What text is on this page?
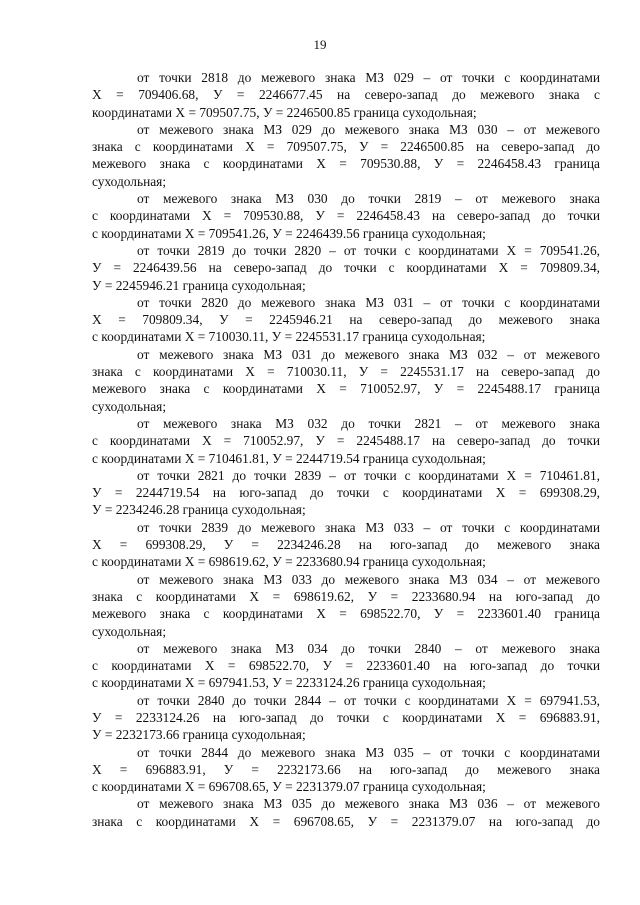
19
от точки 2818 до межевого знака МЗ 029 – от точки с координатами
Х = 709406.68, У = 2246677.45 на северо-запад до межевого знака с
координатами Х = 709507.75, У = 2246500.85 граница суходольная;
от межевого знака МЗ 029 до межевого знака МЗ 030 – от межевого
знака с координатами Х = 709507.75, У = 2246500.85 на северо-запад до
межевого знака с координатами Х = 709530.88, У = 2246458.43 граница
суходольная;
от межевого знака МЗ 030 до точки 2819 – от межевого знака
с координатами Х = 709530.88, У = 2246458.43 на северо-запад до точки
с координатами Х = 709541.26, У = 2246439.56 граница суходольная;
от точки 2819 до точки 2820 – от точки с координатами Х = 709541.26,
У = 2246439.56 на северо-запад до точки с координатами Х = 709809.34,
У = 2245946.21 граница суходольная;
от точки 2820 до межевого знака МЗ 031 – от точки с координатами
Х = 709809.34, У = 2245946.21 на северо-запад до межевого знака
с координатами Х = 710030.11, У = 2245531.17 граница суходольная;
от межевого знака МЗ 031 до межевого знака МЗ 032 – от межевого
знака с координатами Х = 710030.11, У = 2245531.17 на северо-запад до
межевого знака с координатами Х = 710052.97, У = 2245488.17 граница
суходольная;
от межевого знака МЗ 032 до точки 2821 – от межевого знака
с координатами Х = 710052.97, У = 2245488.17 на северо-запад до точки
с координатами Х = 710461.81, У = 2244719.54 граница суходольная;
от точки 2821 до точки 2839 – от точки с координатами Х = 710461.81,
У = 2244719.54 на юго-запад до точки с координатами Х = 699308.29,
У = 2234246.28 граница суходольная;
от точки 2839 до межевого знака МЗ 033 – от точки с координатами
Х = 699308.29, У = 2234246.28 на юго-запад до межевого знака
с координатами Х = 698619.62, У = 2233680.94 граница суходольная;
от межевого знака МЗ 033 до межевого знака МЗ 034 – от межевого
знака с координатами Х = 698619.62, У = 2233680.94 на юго-запад до
межевого знака с координатами Х = 698522.70, У = 2233601.40 граница
суходольная;
от межевого знака МЗ 034 до точки 2840 – от межевого знака
с координатами Х = 698522.70, У = 2233601.40 на юго-запад до точки
с координатами Х = 697941.53, У = 2233124.26 граница суходольная;
от точки 2840 до точки 2844 – от точки с координатами Х = 697941.53,
У = 2233124.26 на юго-запад до точки с координатами Х = 696883.91,
У = 2232173.66 граница суходольная;
от точки 2844 до межевого знака МЗ 035 – от точки с координатами
Х = 696883.91, У = 2232173.66 на юго-запад до межевого знака
с координатами Х = 696708.65, У = 2231379.07 граница суходольная;
от межевого знака МЗ 035 до межевого знака МЗ 036 – от межевого
знака с координатами Х = 696708.65, У = 2231379.07 на юго-запад до
